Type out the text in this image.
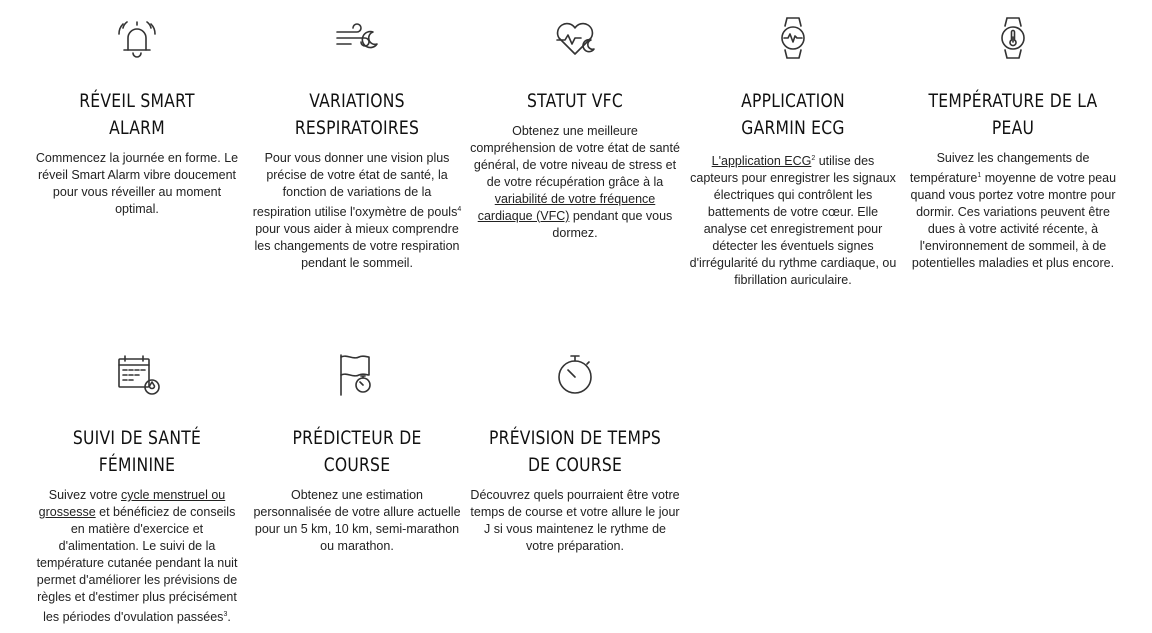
RÉVEIL SMART ALARM

Commencez la journée en forme. Le réveil Smart Alarm vibre doucement pour vous réveiller au moment optimal.

VARIATIONS RESPIRATOIRES

Pour vous donner une vision plus précise de votre état de santé, la fonction de variations de la respiration utilise l'oxymètre de pouls$^4$ pour vous aider à mieux comprendre les changements de votre respiration pendant le sommeil.

STATUT VFC

Obtenez une meilleure compréhension de votre état de santé général, de votre niveau de stress et de votre récupération grâce à la variabilité de votre fréquence cardiaque (VFC) pendant que vous dormez.

APPLICATION GARMIN ECG

L'application ECG$^2$ utilise des capteurs pour enregistrer les signaux électriques qui contrôlent les battements de votre cœur. Elle analyse cet enregistrement pour détecter les éventuels signes d'irrégularité du rythme cardiaque, ou fibrillation auriculaire.

TEMPÉRATURE DE LA PEAU

Suivez les changements de température$^1$ moyenne de votre peau quand vous portez votre montre pour dormir. Ces variations peuvent être dues à votre activité récente, à l'environnement de sommeil, à de potentielles maladies et plus encore.

SUIVI DE SANTÉ FÉMININE

Suivez votre cycle menstruel ou grossesse et bénéficiez de conseils en matière d'exercice et d'alimentation. Le suivi de la température cutanée pendant la nuit permet d'améliorer les prévisions de règles et d'estimer plus précisément les périodes d'ovulation passées$^3$.

PRÉDICTEUR DE COURSE

Obtenez une estimation personnalisée de votre allure actuelle pour un 5 km, 10 km, semi-marathon ou marathon.

PRÉVISION DE TEMPS DE COURSE

Découvrez quels pourraient être votre temps de course et votre allure le jour J si vous maintenez le rythme de votre préparation.
